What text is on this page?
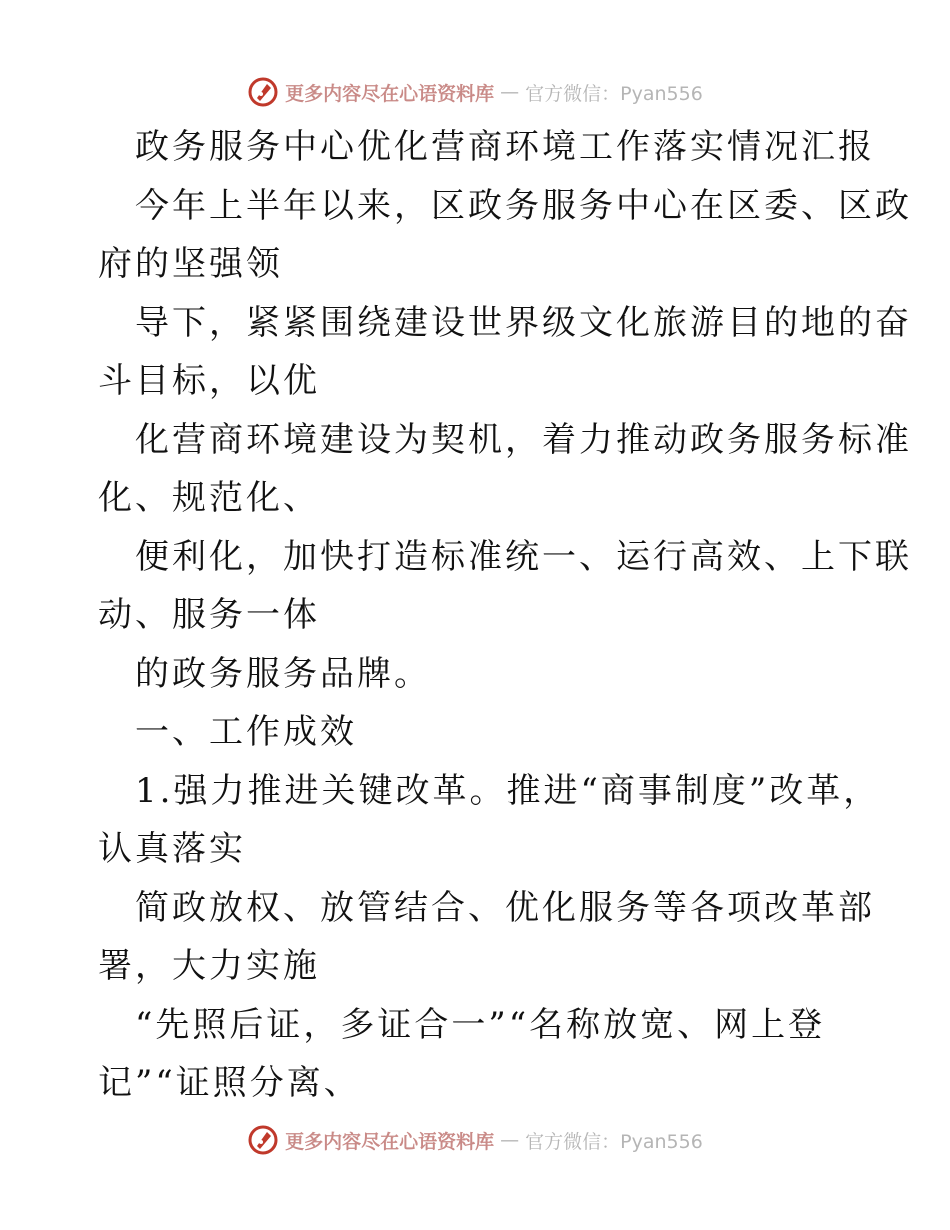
更多内容尽在心语资料库 — 官方微信：Pyan556
政务服务中心优化营商环境工作落实情况汇报
今年上半年以来，区政务服务中心在区委、区政
府的坚强领
导下，紧紧围绕建设世界级文化旅游目的地的奋
斗目标，以优
化营商环境建设为契机，着力推动政务服务标准
化、规范化、
便利化，加快打造标准统一、运行高效、上下联
动、服务一体
的政务服务品牌。
一、工作成效
1.强力推进关键改革。推进“商事制度”改革，
认真落实
简政放权、放管结合、优化服务等各项改革部
署，大力实施
“先照后证，多证合一”“名称放宽、网上登
记”“证照分离、
更多内容尽在心语资料库 — 官方微信：Pyan556
